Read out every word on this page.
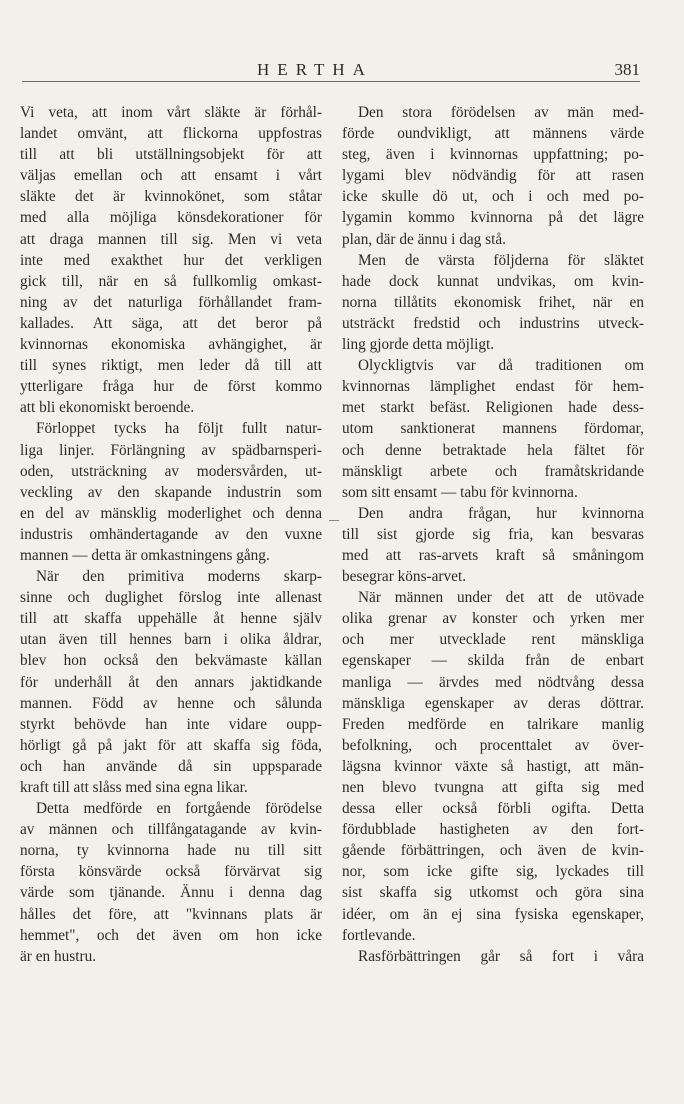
HERTHA	381
Vi veta, att inom vårt släkte är förhål-
landet omvänt, att flickorna uppfostras
till att bli utställningsobjekt för att
väljas emellan och att ensamt i vårt
släkte det är kvinnokönet, som ståtar
med alla möjliga könsdekorationer för
att draga mannen till sig. Men vi veta
inte med exakthet hur det verkligen
gick till, när en så fullkomlig omkast-
ning av det naturliga förhållandet fram-
kallades. Att säga, att det beror på
kvinnornas ekonomiska avhängighet, är
till synes riktigt, men leder då till att
ytterligare fråga hur de först kommo
att bli ekonomiskt beroende.
Förloppet tycks ha följt fullt natur-
liga linjer. Förlängning av spädbarnsperi-
oden, utsträckning av modersvården, ut-
veckling av den skapande industrin som
en del av mänsklig moderlighet och denna
industris omhändertagande av den vuxne
mannen — detta är omkastningens gång.
När den primitiva moderns skarp-
sinne och duglighet förslog inte allenast
till att skaffa uppehälle åt henne själv
utan även till hennes barn i olika åldrar,
blev hon också den bekvämaste källan
för underhåll åt den annars jaktidkande
mannen. Född av henne och sålunda
styrkt behövde han inte vidare oupp-
hörligt gå på jakt för att skaffa sig föda,
och han använde då sin uppsparade
kraft till att slåss med sina egna likar.
Detta medförde en fortgående förödelse
av männen och tillfångatagande av kvin-
norna, ty kvinnorna hade nu till sitt
första könsvärde också förvärvat sig
värde som tjänande. Ännu i denna dag
hålles det före, att "kvinnans plats är
hemmet", och det även om hon icke
är en hustru.
Den stora förödelsen av män med-
förde oundvikligt, att männens värde
steg, även i kvinnornas uppfattning; po-
lygami blev nödvändig för att rasen
icke skulle dö ut, och i och med po-
lygamin kommo kvinnorna på det lägre
plan, där de ännu i dag stå.
Men de värsta följderna för släktet
hade dock kunnat undvikas, om kvin-
norna tillåtits ekonomisk frihet, när en
utsträckt fredstid och industrins utveck-
ling gjorde detta möjligt.
Olyckligtvis var då traditionen om
kvinnornas lämplighet endast för hem-
met starkt befäst. Religionen hade dess-
utom sanktionerat mannens fördomar,
och denne betraktade hela fältet för
mänskligt arbete och framåtskridande
som sitt ensamt — tabu för kvinnorna.
Den andra frågan, hur kvinnorna
till sist gjorde sig fria, kan besvaras
med att ras-arvets kraft så småningom
besegrar köns-arvet.
När männen under det att de utövade
olika grenar av konster och yrken mer
och mer utvecklade rent mänskliga
egenskaper — skilda från de enbart
manliga — ärvdes med nödtvång dessa
mänskliga egenskaper av deras döttrar.
Freden medförde en talrikare manlig
befolkning, och procenttalet av över-
lägsna kvinnor växte så hastigt, att män-
nen blevo tvungna att gifta sig med
dessa eller också förbli ogifta. Detta
fördubblade hastigheten av den fort-
gående förbättringen, och även de kvin-
nor, som icke gifte sig, lyckades till
sist skaffa sig utkomst och göra sina
idéer, om än ej sina fysiska egenskaper,
fortlevande.
Rasförbättringen går så fort i våra
